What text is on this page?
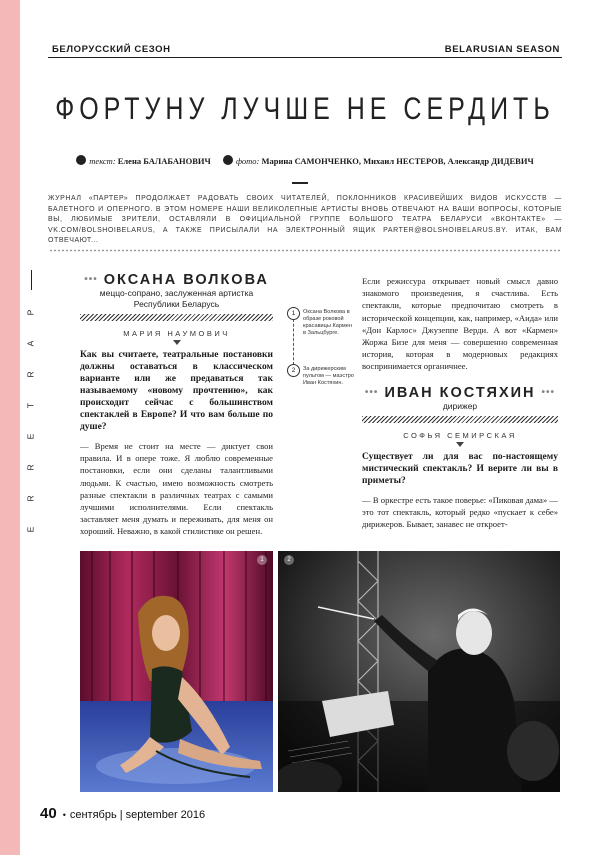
БЕЛОРУССКИЙ СЕЗОН	BELARUSIAN SEASON
ФОРТУНУ ЛУЧШЕ НЕ СЕРДИТЬ
текст: Елена БАЛАБАНОВИЧ	фото: Марина САМОНЧЕНКО, Михаил НЕСТЕРОВ, Александр ДИДЕВИЧ
ЖУРНАЛ «ПАРТЕР» ПРОДОЛЖАЕТ РАДОВАТЬ СВОИХ ЧИТАТЕЛЕЙ, ПОКЛОННИКОВ КРАСИВЕЙШИХ ВИДОВ ИСКУССТВ — БАЛЕТНОГО И ОПЕРНОГО. В ЭТОМ НОМЕРЕ НАШИ ВЕЛИКОЛЕПНЫЕ АРТИСТЫ ВНОВЬ ОТВЕЧАЮТ НА ВАШИ ВОПРОСЫ, КОТОРЫЕ ВЫ, ЛЮБИМЫЕ ЗРИТЕЛИ, ОСТАВЛЯЛИ В ОФИЦИАЛЬНОЙ ГРУППЕ БОЛЬШОГО ТЕАТРА БЕЛАРУСИ «ВКОНТАКТЕ» — VK.COM/BOLSHOIBELARUS, А ТАКЖЕ ПРИСЫЛАЛИ НА ЭЛЕКТРОННЫЙ ЯЩИК PARTER@BOLSHOIBELARUS.BY. ИТАК, ВАМ ОТВЕЧАЮТ...
P
A
R
T
E
R
R
E
••• ОКСАНА ВОЛКОВА
меццо-сопрано, заслуженная артистка Республики Беларусь
МАРИЯ НАУМОВИЧ
Как вы считаете, театральные постановки должны оставаться в классическом варианте или же предаваться так называемому «новому прочтению», как происходит сейчас с большинством спектаклей в Европе? И что вам больше по душе?
— Время не стоит на месте — диктует свои правила. И в опере тоже. Я люблю современные постановки, если они сделаны талантливыми людьми. К счастью, имею возможность смотреть разные спектакли в различных театрах с самыми лучшими исполнителями. Если спектакль заставляет меня думать и переживать, для меня он хороший. Неважно, в какой стилистике он решен.
1	Оксана Волкова в образе роковой красавицы Кармен в Зальцбурге.
2	За дирижерским пультом — маэстро Иван Костяхин.
Если режиссура открывает новый смысл давно знакомого произведения, я счастлива. Есть спектакли, которые предпочитаю смотреть в исторической концепции, как, например, «Аида» или «Дон Карлос» Джузеппе Верди. А вот «Кармен» Жоржа Бизе для меня — совершенно современная история, которая в модерновых редакциях воспринимается органичнее.
••• ИВАН КОСТЯХИН •••
дирижер
СОФЬЯ СЕМИРСКАЯ
Существует ли для вас по-настоящему мистический спектакль? И верите ли вы в приметы?
— В оркестре есть такое поверье: «Пиковая дама» — это тот спектакль, который редко «пускает к себе» дирижеров. Бывает, занавес не откроет-
1	2
40 • сентябрь | september 2016
